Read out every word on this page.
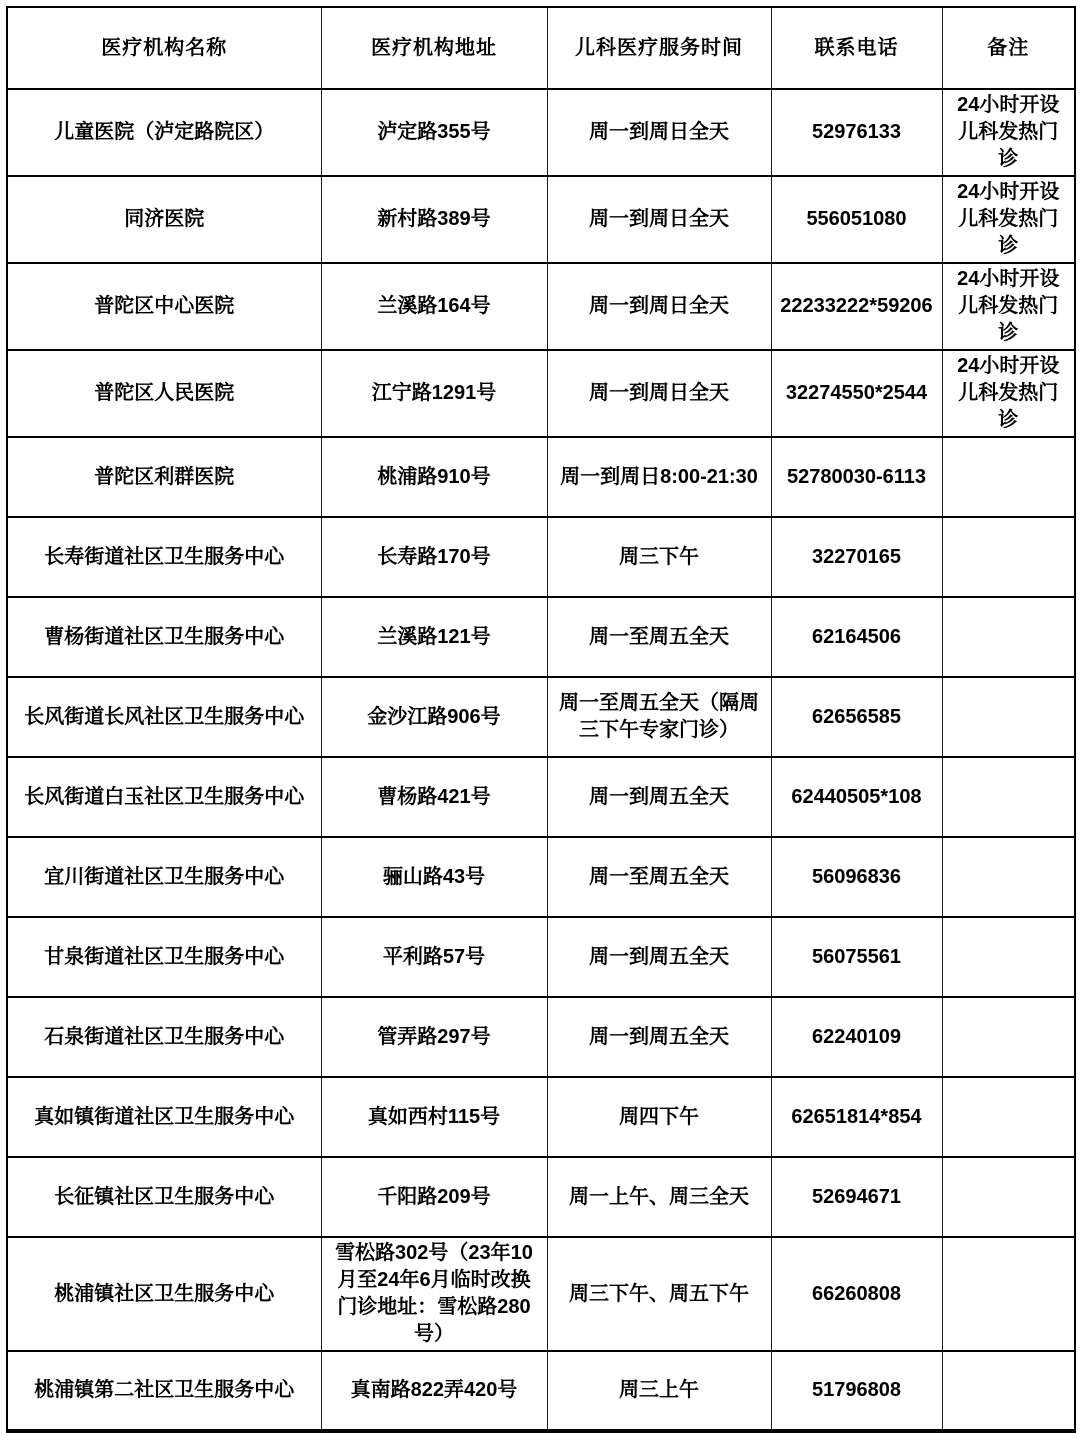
医疗机构名称	医疗机构地址	儿科医疗服务时间	联系电话	备注
儿童医院（泸定路院区）	泸定路355号	周一到周日全天	52976133	24小时开设儿科发热门诊
同济医院	新村路389号	周一到周日全天	556051080	24小时开设儿科发热门诊
普陀区中心医院	兰溪路164号	周一到周日全天	22233222*59206	24小时开设儿科发热门诊
普陀区人民医院	江宁路1291号	周一到周日全天	32274550*2544	24小时开设儿科发热门诊
普陀区利群医院	桃浦路910号	周一到周日8:00-21:30	52780030-6113	
长寿街道社区卫生服务中心	长寿路170号	周三下午	32270165	
曹杨街道社区卫生服务中心	兰溪路121号	周一至周五全天	62164506	
长风街道长风社区卫生服务中心	金沙江路906号	周一至周五全天（隔周三下午专家门诊）	62656585	
长风街道白玉社区卫生服务中心	曹杨路421号	周一到周五全天	62440505*108	
宜川街道社区卫生服务中心	骊山路43号	周一至周五全天	56096836	
甘泉街道社区卫生服务中心	平利路57号	周一到周五全天	56075561	
石泉街道社区卫生服务中心	管弄路297号	周一到周五全天	62240109	
真如镇街道社区卫生服务中心	真如西村115号	周四下午	62651814*854	
长征镇社区卫生服务中心	千阳路209号	周一上午、周三全天	52694671	
桃浦镇社区卫生服务中心	雪松路302号（23年10月至24年6月临时改换门诊地址：雪松路280号）	周三下午、周五下午	66260808	
桃浦镇第二社区卫生服务中心	真南路822弄420号	周三上午	51796808	
